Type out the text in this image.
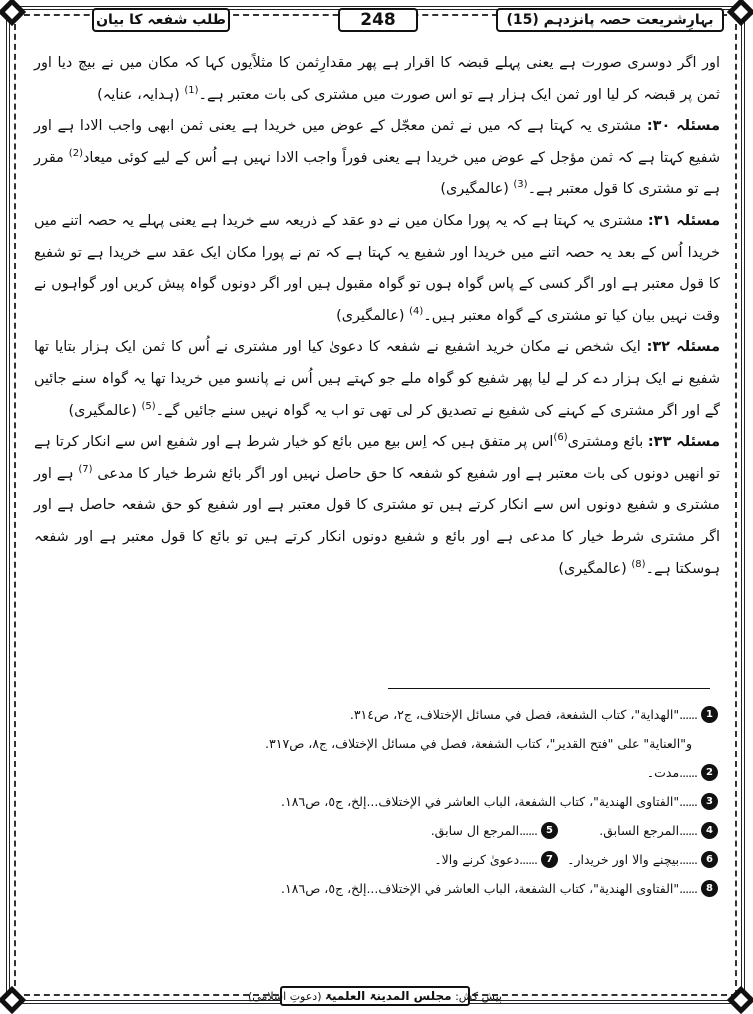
طلب شفعہ کا بیان	248	بہارِشریعت حصہ پانزدہم (15)

اور اگر دوسری صورت ہے یعنی پہلے قبضہ کا اقرار ہے پھر مقدارِثمن کا مثلاًیوں کہا کہ مکان میں نے بیچ دیا اور ثمن پر قبضہ کر لیا اور ثمن ایک ہزار ہے تو اس صورت میں مشتری کی بات معتبر ہے۔$^{(1)}$ (ہدایہ، عنایہ)

مسئلہ ۳۰: مشتری یہ کہتا ہے کہ میں نے ثمن معجّل کے عوض میں خریدا ہے یعنی ثمن ابھی واجب الادا ہے اور شفیع کہتا ہے کہ ثمن مؤجل کے عوض میں خریدا ہے یعنی فوراً واجب الادا نہیں ہے اُس کے لیے کوئی میعاد$^{(2)}$ مقرر ہے تو مشتری کا قول معتبر ہے۔$^{(3)}$ (عالمگیری)

مسئلہ ۳۱: مشتری یہ کہتا ہے کہ یہ پورا مکان میں نے دو عقد کے ذریعہ سے خریدا ہے یعنی پہلے یہ حصہ اتنے میں خریدا اُس کے بعد یہ حصہ اتنے میں خریدا اور شفیع یہ کہتا ہے کہ تم نے پورا مکان ایک عقد سے خریدا ہے تو شفیع کا قول معتبر ہے اور اگر کسی کے پاس گواہ ہوں تو گواہ مقبول ہیں اور اگر دونوں گواہ پیش کریں اور گواہوں نے وقت نہیں بیان کیا تو مشتری کے گواہ معتبر ہیں۔$^{(4)}$ (عالمگیری)

مسئلہ ۳۲: ایک شخص نے مکان خرید اشفیع نے شفعہ کا دعویٰ کیا اور مشتری نے اُس کا ثمن ایک ہزار بتایا تھا شفیع نے ایک ہزار دے کر لے لیا پھر شفیع کو گواہ ملے جو کہتے ہیں اُس نے پانسو میں خریدا تھا یہ گواہ سنے جائیں گے اور اگر مشتری کے کہنے کی شفیع نے تصدیق کر لی تھی تو اب یہ گواہ نہیں سنے جائیں گے۔$^{(5)}$ (عالمگیری)

مسئلہ ۳۳: بائع ومشتری$^{(6)}$اس پر متفق ہیں کہ اِس بیع میں بائع کو خیار شرط ہے اور شفیع اس سے انکار کرتا ہے تو انھیں دونوں کی بات معتبر ہے اور شفیع کو شفعہ کا حق حاصل نہیں اور اگر بائع شرط خیار کا مدعی $^{(7)}$ ہے اور مشتری و شفیع دونوں اس سے انکار کرتے ہیں تو مشتری کا قول معتبر ہے اور شفیع کو حق شفعہ حاصل ہے اور اگر مشتری شرط خیار کا مدعی ہے اور بائع و شفیع دونوں انکار کرتے ہیں تو بائع کا قول معتبر ہے اور شفعہ ہوسکتا ہے۔$^{(8)}$ (عالمگیری)

1
......
"الهداية"، كتاب الشفعة، فصل في مسائل الإختلاف، ج٢، ص٣١٤.
و"العناية" على "فتح القدير"، كتاب الشفعة، فصل في مسائل الإختلاف، ج٨، ص٣١٧.
2
......
مدت۔
3
......
"الفتاوى الهندية"، كتاب الشفعة، الباب العاشر في الإختلاف...إلخ، ج٥، ص١٨٦.
4
......
المرجع السابق.
5
......
المرجع ال سابق.
6
......
بیچنے والا اور خریدار۔
7
......
دعویٰ کرنے والا۔
8
......
"الفتاوى الهندية"، كتاب الشفعة، الباب العاشر في الإختلاف...إلخ، ج٥، ص١٨٦.
پیش کش:

مجلس المدینۃ العلمیۃ

(دعوتِ اسلامی)
